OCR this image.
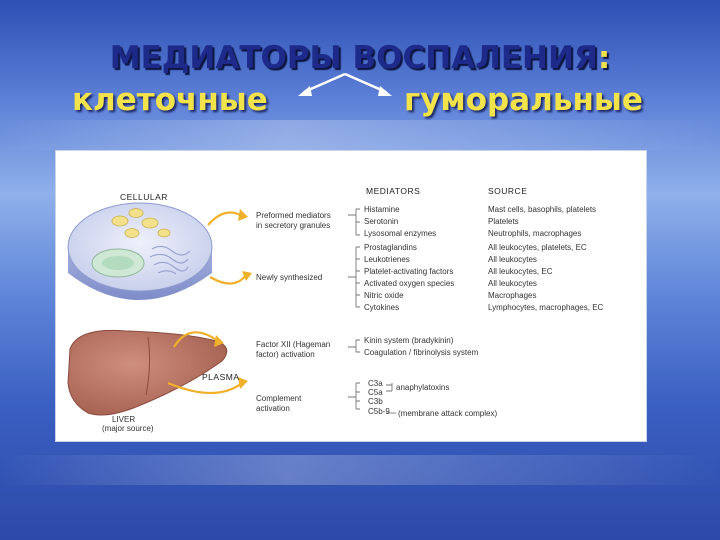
МЕДИАТОРЫ ВОСПАЛЕНИЯ:
клеточные	гуморальные
CELLULAR
PLASMA
LIVER
(major source)
MEDIATORS	SOURCE
Preformed mediators
in secretory granules
Newly synthesized
Factor XII (Hageman
factor) activation
Complement
activation
Histamine
Serotonin
Lysosomal enzymes
Prostaglandins
Leukotrienes
Platelet-activating factors
Activated oxygen species
Nitric oxide
Cytokines
Kinin system (bradykinin)
Coagulation / fibrinolysis system
C3a
C5a
C3b
C5b-9
anaphylatoxins
(membrane attack complex)
Mast cells, basophils, platelets
Platelets
Neutrophils, macrophages
All leukocytes, platelets, EC
All leukocytes
All leukocytes, EC
All leukocytes
Macrophages
Lymphocytes, macrophages, EC
